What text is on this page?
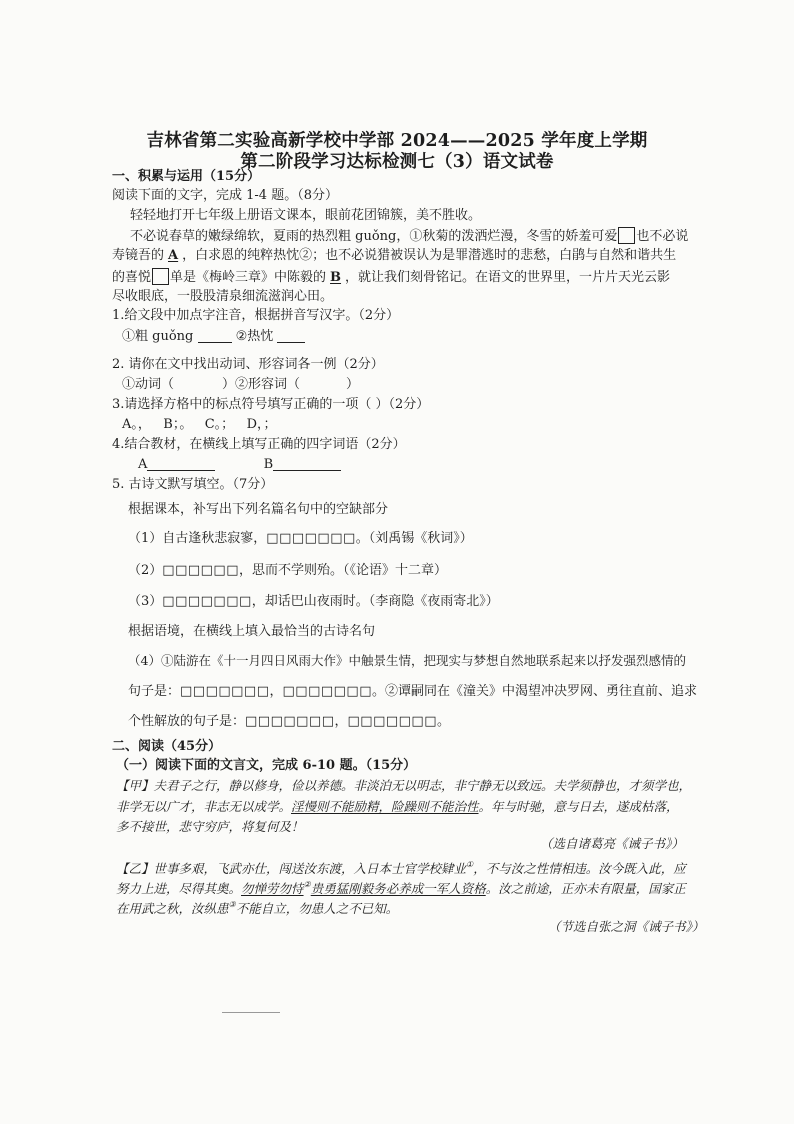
吉林省第二实验高新学校中学部 2024——2025 学年度上学期
第二阶段学习达标检测七（3）语文试卷
一、积累与运用（15分）
阅读下面的文字，完成 1-4 题。（8分）
轻轻地打开七年级上册语文课本，眼前花团锦簇，美不胜收。
不必说春草的嫩绿绵软，夏雨的热烈粗 guǒng，①秋菊的泼洒烂漫，冬雪的娇羞可爱 也不必说
寿镜吾的 A ，白求恩的纯粹热忱②；也不必说猎被误认为是罪潜逃时的悲愁，白鹃与自然和谐共生
的喜悦 单是《梅岭三章》中陈毅的 B ，就让我们刻骨铭记。在语文的世界里，一片片天光云影
尽收眼底，一股股清泉细流滋润心田。
1.给文段中加点字注音，根据拼音写汉字。（2分）
①粗 guǒng	②热忱
2. 请你在文中找出动词、形容词各一例（2分）
①动词（	）②形容词（	）
3.请选择方格中的标点符号填写正确的一项（ ）（2分）
A。，   B；。   C。；   D，；
4.结合教材，在横线上填写正确的四字词语（2分）
A	B
5. 古诗文默写填空。（7分）
根据课本，补写出下列名篇名句中的空缺部分
（1）自古逢秋悲寂寥，□□□□□□□。（刘禹锡《秋词》）
（2）□□□□□□，思而不学则殆。（《论语》十二章）
（3）□□□□□□□，却话巴山夜雨时。（李商隐《夜雨寄北》）
根据语境，在横线上填入最恰当的古诗名句
（4）①陆游在《十一月四日风雨大作》中触景生情，把现实与梦想自然地联系起来以抒发强烈感情的
句子是：□□□□□□□，□□□□□□□。②谭嗣同在《潼关》中渴望冲决罗网、勇往直前、追求
个性解放的句子是：□□□□□□□，□□□□□□□。
二、阅读（45分）
（一）阅读下面的文言文，完成 6-10 题。（15分）
【甲】夫君子之行，静以修身，俭以养德。非淡泊无以明志，非宁静无以致远。夫学须静也，才须学也，
非学无以广才，非志无以成学。淫慢则不能励精，险躁则不能治性。年与时驰，意与日去，遂成枯落，
多不接世，悲守穷庐，将复何及！
（选自诸葛亮《诫子书》）
【乙】世事多艰，飞武亦仕，闯送汝东渡，入日本士官学校肄业①，不与汝之性情相违。汝今既入此，应
努力上进，尽得其奥。勿惮劳勿恃②贵勇猛刚毅务必养成一军人资格。汝之前途，正亦未有限量，国家正
在用武之秋，汝纵患③不能自立，勿患人之不已知。
（节选自张之洞《诫子书》）
